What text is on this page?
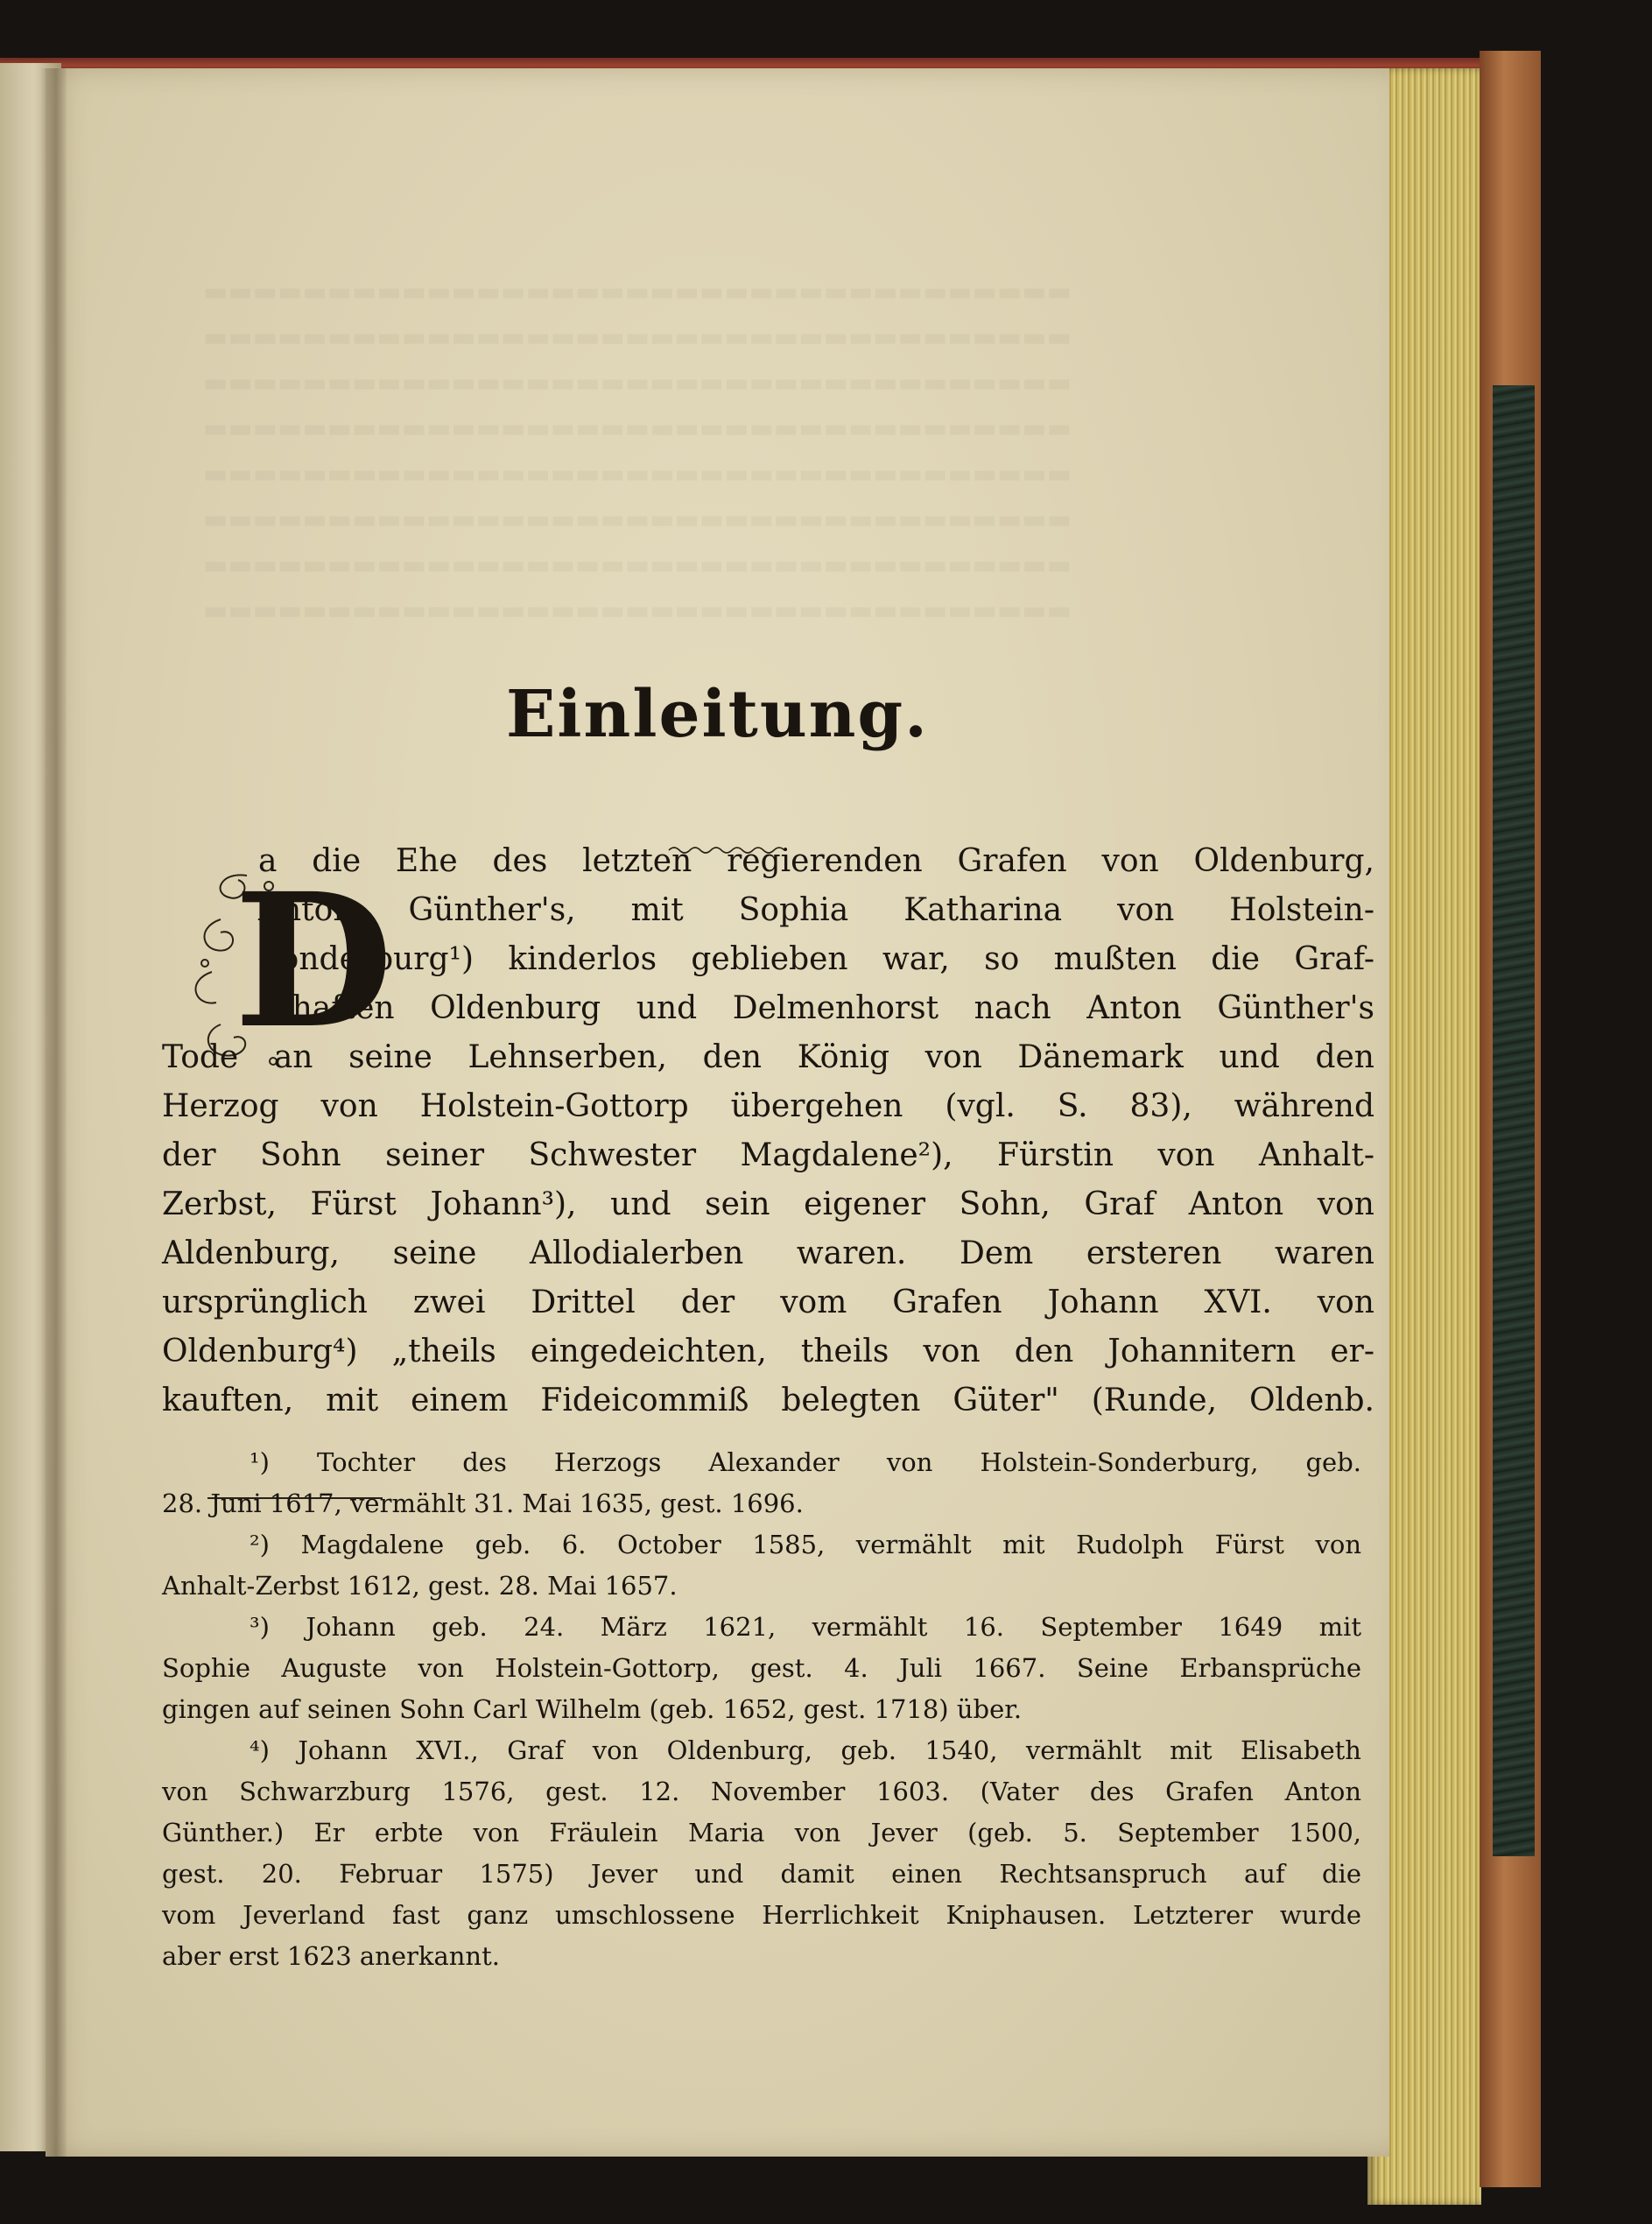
▬▬▬▬▬▬▬▬▬▬▬▬▬▬▬▬▬▬▬▬▬▬▬▬▬▬▬▬▬▬▬▬▬▬▬
▬▬▬▬▬▬▬▬▬▬▬▬▬▬▬▬▬▬▬▬▬▬▬▬▬▬▬▬▬▬▬▬▬▬▬
▬▬▬▬▬▬▬▬▬▬▬▬▬▬▬▬▬▬▬▬▬▬▬▬▬▬▬▬▬▬▬▬▬▬▬
▬▬▬▬▬▬▬▬▬▬▬▬▬▬▬▬▬▬▬▬▬▬▬▬▬▬▬▬▬▬▬▬▬▬▬
▬▬▬▬▬▬▬▬▬▬▬▬▬▬▬▬▬▬▬▬▬▬▬▬▬▬▬▬▬▬▬▬▬▬▬
▬▬▬▬▬▬▬▬▬▬▬▬▬▬▬▬▬▬▬▬▬▬▬▬▬▬▬▬▬▬▬▬▬▬▬
▬▬▬▬▬▬▬▬▬▬▬▬▬▬▬▬▬▬▬▬▬▬▬▬▬▬▬▬▬▬▬▬▬▬▬
▬▬▬▬▬▬▬▬▬▬▬▬▬▬▬▬▬▬▬▬▬▬▬▬▬▬▬▬▬▬▬▬▬▬▬
Einleitung.
D
a die Ehe des letzten regierenden Grafen von Oldenburg,
Anton Günther's, mit Sophia Katharina von Holstein-
Sonderburg¹) kinderlos geblieben war, so mußten die Graf-
schaften Oldenburg und Delmenhorst nach Anton Günther's
Tode an seine Lehnserben, den König von Dänemark und den
Herzog von Holstein-Gottorp übergehen (vgl. S. 83), während
der Sohn seiner Schwester Magdalene²), Fürstin von Anhalt-
Zerbst, Fürst Johann³), und sein eigener Sohn, Graf Anton von
Aldenburg, seine Allodialerben waren. Dem ersteren waren
ursprünglich zwei Drittel der vom Grafen Johann XVI. von
Oldenburg⁴) „theils eingedeichten, theils von den Johannitern er-
kauften, mit einem Fideicommiß belegten Güter" (Runde, Oldenb.
¹) Tochter des Herzogs Alexander von Holstein-Sonderburg, geb.
28. Juni 1617, vermählt 31. Mai 1635, gest. 1696.
²) Magdalene geb. 6. October 1585, vermählt mit Rudolph Fürst von
Anhalt-Zerbst 1612, gest. 28. Mai 1657.
³) Johann geb. 24. März 1621, vermählt 16. September 1649 mit
Sophie Auguste von Holstein-Gottorp, gest. 4. Juli 1667. Seine Erbansprüche
gingen auf seinen Sohn Carl Wilhelm (geb. 1652, gest. 1718) über.
⁴) Johann XVI., Graf von Oldenburg, geb. 1540, vermählt mit Elisabeth
von Schwarzburg 1576, gest. 12. November 1603. (Vater des Grafen Anton
Günther.) Er erbte von Fräulein Maria von Jever (geb. 5. September 1500,
gest. 20. Februar 1575) Jever und damit einen Rechtsanspruch auf die
vom Jeverland fast ganz umschlossene Herrlichkeit Kniphausen. Letzterer wurde
aber erst 1623 anerkannt.
